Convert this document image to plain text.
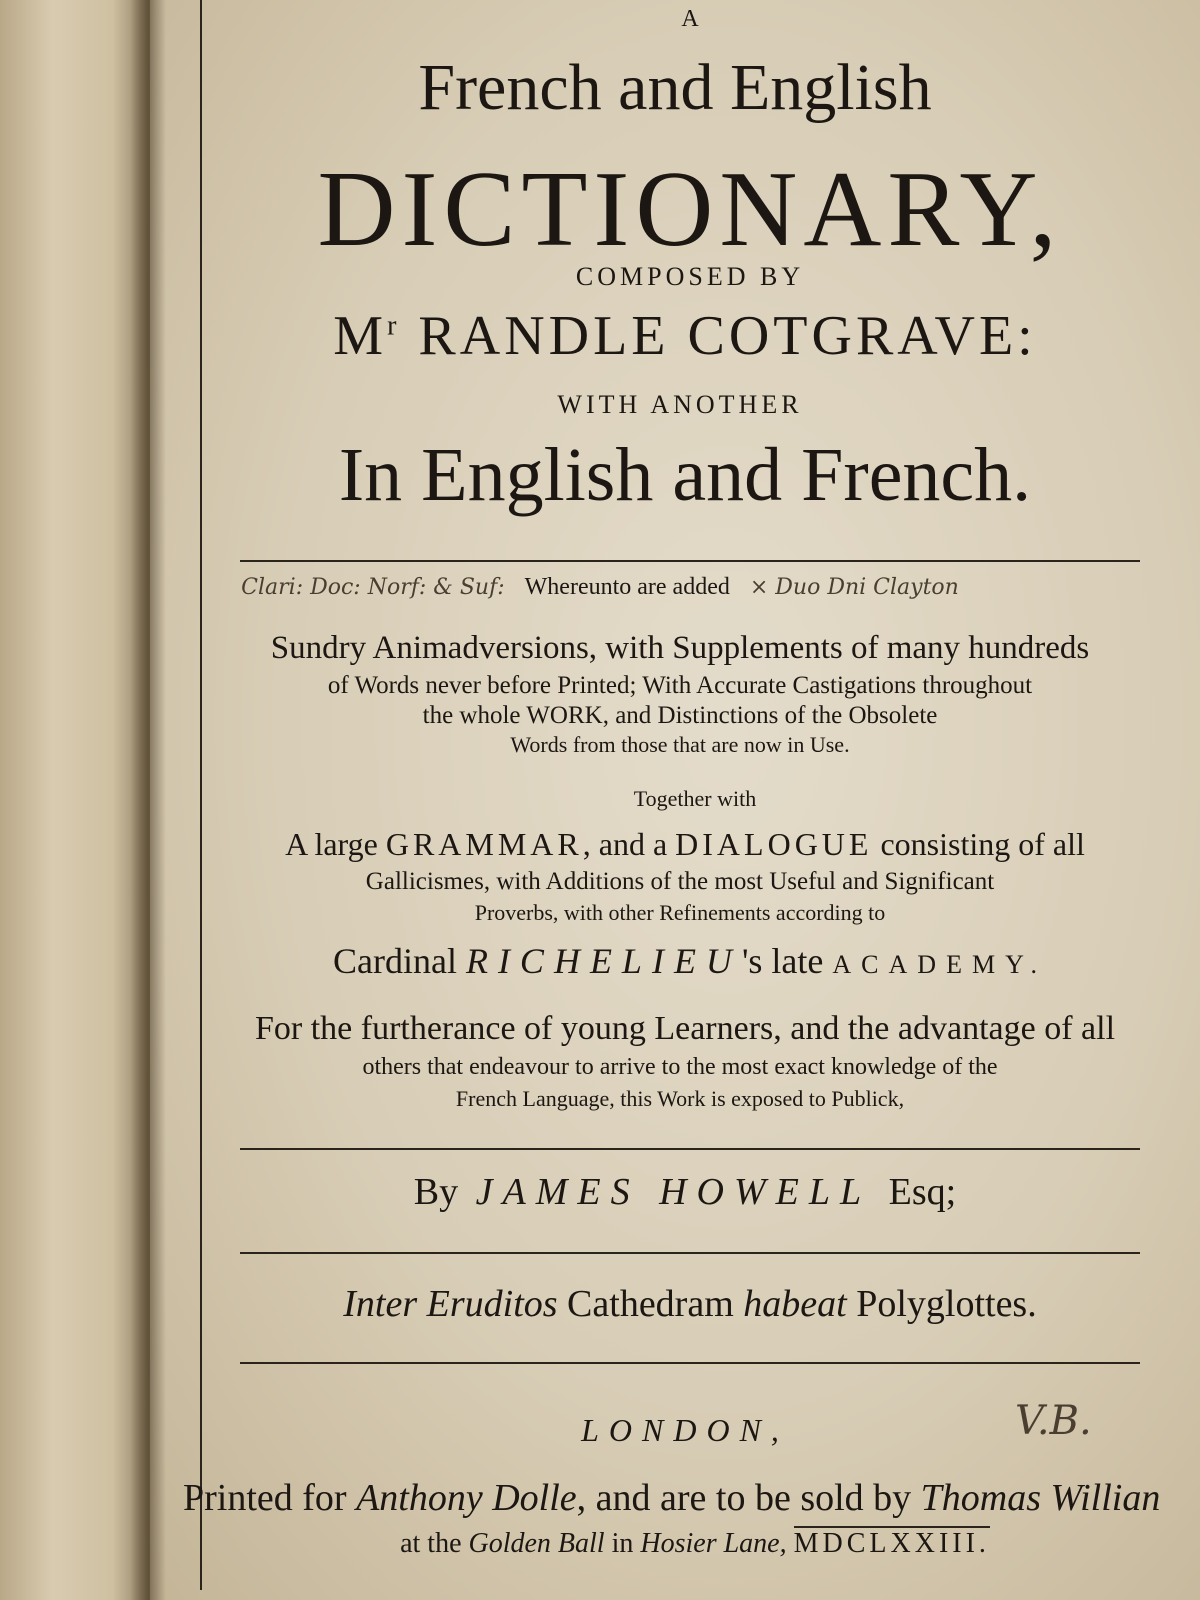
A
French and English
DICTIONARY,
COMPOSED BY
$M^r$ RANDLE COTGRAVE:
WITH ANOTHER
In English and French.
Clari: Doc: Norf: & Suf: Whereunto are added × Duo Dni Clayton
Sundry Animadversions, with Supplements of many hundreds
of Words never before Printed; With Accurate Castigations throughout
the whole WORK, and Distinctions of the Obsolete
Words from those that are now in Use.
Together with
A large GRAMMAR, and a DIALOGUE consisting of all
Gallicismes, with Additions of the most Useful and Significant
Proverbs, with other Refinements according to
Cardinal RICHELIEU's late ACADEMY.
For the furtherance of young Learners, and the advantage of all
others that endeavour to arrive to the most exact knowledge of the
French Language, this Work is exposed to Publick,
By JAMES HOWELL Esq;
Inter Eruditos Cathedram habeat Polyglottes.
LONDON,	V.B.
Printed for Anthony Dolle, and are to be sold by Thomas Willian
at the Golden Ball in Hosier Lane, MDCLXXIII.
